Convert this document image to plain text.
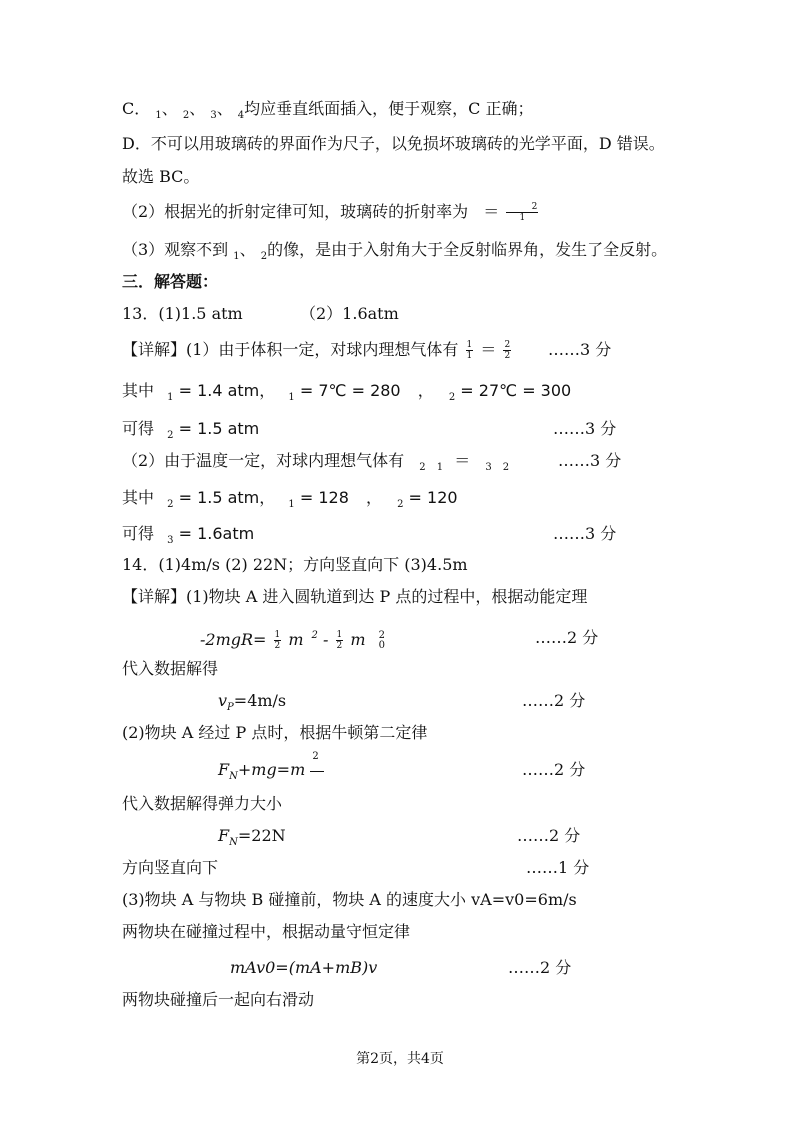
C． $_1$、 $_2$、 $_3$、 $_4$均应垂直纸面插入，便于观察，C 正确；
D．不可以用玻璃砖的界面作为尺子，以免损坏玻璃砖的光学平面，D 错误。
故选 BC。
（2）根据光的折射定律可知，玻璃砖的折射率为 ＝ $\frac{2}{1}$
（3）观察不到 $_1$、 $_2$的像，是由于入射角大于全反射临界角，发生了全反射。
三．解答题：
13．(1)1.5 atm	（2）1.6atm
【详解】(1）由于体积一定，对球内理想气体有 $\frac{1}{1} = \frac{2}{2}$ ……3 分
其中 $_1$ = 1.4 atm， $_1$ = 7℃ = 280 ， $_2$ = 27℃ = 300
可得 $_2$ = 1.5 atm	……3 分
（2）由于温度一定，对球内理想气体有 $_2$ $_1$ ＝ $_3$ $_2$	……3 分
其中 $_2$ = 1.5 atm， $_1$ = 128 ， $_2$ = 120
可得 $_3$ = 1.6atm	……3 分
14．(1)4m/s (2) 22N；方向竖直向下 (3)4.5m
【详解】(1)物块 A 进入圆轨道到达 P 点的过程中，根据动能定理
$-2mgR= \frac{1}{2}$ m $^2 - \frac{1}{2}$ m 2
0	……2 分
代入数据解得
$v_P=4m/s$	……2 分
(2)物块 A 经过 P 点时，根据牛顿第二定律
$F_N+mg=m$
2
……2 分
代入数据解得弹力大小
$F_N=22N$	……2 分
方向竖直向下	……1 分
(3)物块 A 与物块 B 碰撞前，物块 A 的速度大小 vA=v0=6m/s
两物块在碰撞过程中，根据动量守恒定律
mAv0=(mA+mB)v	……2 分
两物块碰撞后一起向右滑动
第2页，共4页
